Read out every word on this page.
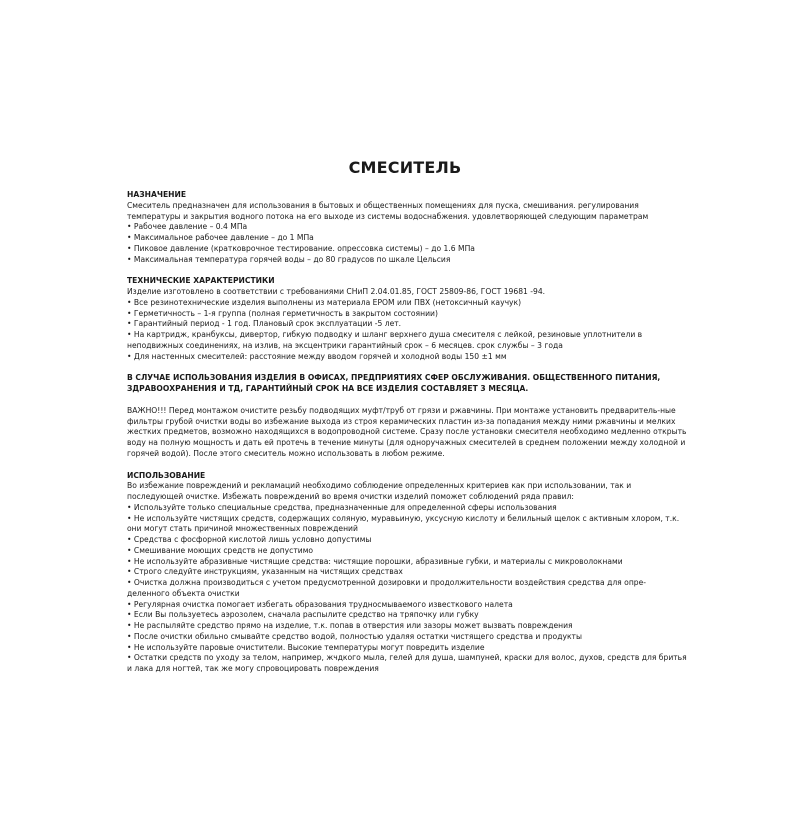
СМЕСИТЕЛЬ

НАЗНАЧЕНИЕ

Смеситель предназначен для использования в бытовых и общественных помещениях для пуска, смешивания. регулирования температуры и закрытия водного потока на его выходе из системы водоснабжения. удовлетворяющей следующим параметрам

• Рабочее давление – 0.4 МПа

• Максимальное рабочее давление – до 1 МПа

• Пиковое давление (кратковрочное тестирование. опрессовка системы) – до 1.6 МПа

• Максимальная температура горячей воды – до 80 градусов по шкале Цельсия

ТЕХНИЧЕСКИЕ ХАРАКТЕРИСТИКИ

Изделие изготовлено в соответствии с требованиями СНиП 2.04.01.85, ГОСТ 25809-86, ГОСТ 19681 -94.

• Все резинотехнические изделия выполнены из материала EPOM или ПВХ (нетоксичный каучук)

• Герметичность – 1-я группа (полная герметичность в закрытом состоянии)

• Гарантийный период - 1 год. Плановый срок эксплуатации -5 лет.

• На картридж, кранбуксы, дивертор, гибкую подводку и шланг верхнего душа смесителя с лейкой, резиновые уплотнители в неподвижных соединениях, на излив, на эксцентрики гарантийный срок – 6 месяцев. срок службы – 3 года

• Для настенных смесителей: расстояние между вводом горячей и холодной воды 150 ±1 мм

В СЛУЧАЕ ИСПОЛЬЗОВАНИЯ ИЗДЕЛИЯ В ОФИСАХ, ПРЕДПРИЯТИЯХ СФЕР ОБСЛУЖИВАНИЯ. ОБЩЕСТВЕННОГО ПИТАНИЯ, ЗДРАВООХРАНЕНИЯ И ТД, ГАРАНТИЙНЫЙ СРОК НА ВСЕ ИЗДЕЛИЯ СОСТАВЛЯЕТ 3 МЕСЯЦА.

ВАЖНО!!! Перед монтажом очистите резьбу подводящих муфт/труб от грязи и ржавчины. При монтаже установить предваритель-ные фильтры грубой очистки воды во избежание выхода из строя керамических пластин из-за попадания между ними ржавчины и мелких жестких предметов, возможно находящихся в водопроводной системе. Сразу после установки смесителя необходимо медленно открыть воду на полную мощность и дать ей протечь в течение минуты (для одноручажных смесителей в среднем положении между холодной и горячей водой). После этого смеситель можно использовать в любом режиме.

ИСПОЛЬЗОВАНИЕ

Во избежание повреждений и рекламаций необходимо соблюдение определенных критериев как при использовании, так и последующей очистке. Избежать повреждений во время очистки изделий поможет соблюдений ряда правил:

• Используйте только специальные средства, предназначенные для определенной сферы использования

• Не используйте чистящих средств, содержащих соляную, муравьиную, уксусную кислоту и белильный щелок с активным хлором, т.к. они могут стать причиной множественных повреждений

• Средства с фосфорной кислотой лишь условно допустимы

• Смешивание моющих средств не допустимо

• Не используйте абразивные чистящие средства: чистящие порошки, абразивные губки, и материалы с микроволокнами

• Строго следуйте инструкциям, указанным на чистящих средствах

• Очистка должна производиться с учетом предусмотренной дозировки и продолжительности воздействия средства для опре-деленного объекта очистки

• Регулярная очистка помогает избегать образования трудносмываемого известкового налета

• Если Вы пользуетесь аэрозолем, сначала распылите средство на тряпочку или губку

• Не распыляйте средство прямо на изделие, т.к. попав в отверстия или зазоры может вызвать повреждения

• После очистки обильно смывайте средство водой, полностью удаляя остатки чистящего средства и продукты

• Не используйте паровые очистители. Высокие температуры могут повредить изделие

• Остатки средств по уходу за телом, например, жчдкого мыла, гелей для душа, шампуней, краски для волос, духов, средств для бритья и лака для ногтей, так же могу спровоцировать повреждения
